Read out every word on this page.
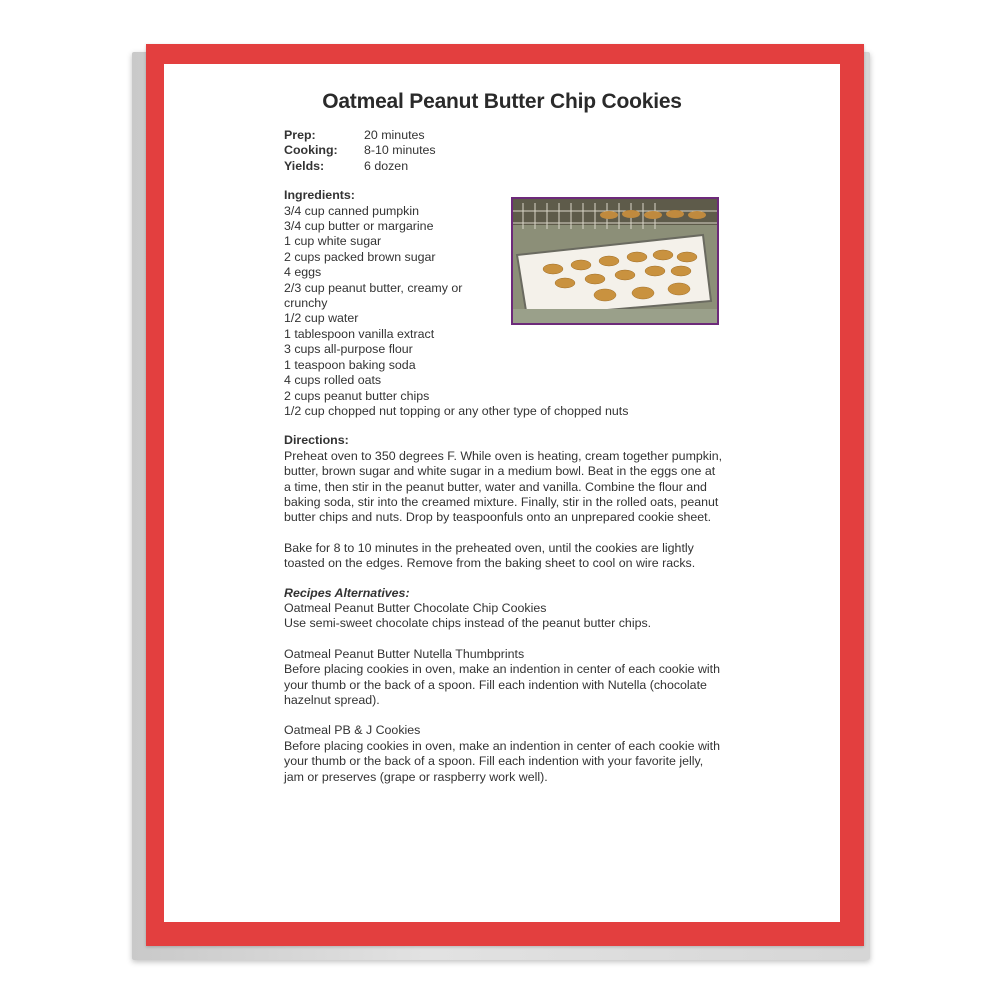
Oatmeal Peanut Butter Chip Cookies
Prep:	20 minutes
Cooking:	8-10 minutes
Yields:	6 dozen
Ingredients:
3/4 cup canned pumpkin
3/4 cup butter or margarine
1 cup white sugar
2 cups packed brown sugar
4 eggs
2/3 cup peanut butter, creamy or crunchy
1/2 cup water
1 tablespoon vanilla extract
3 cups all-purpose flour
1 teaspoon baking soda
4 cups rolled oats
2 cups peanut butter chips
1/2 cup chopped nut topping or any other type of chopped nuts
Directions:

Preheat oven to 350 degrees F. While oven is heating, cream together pumpkin, butter, brown sugar and white sugar in a medium bowl. Beat in the eggs one at a time, then stir in the peanut butter, water and vanilla. Combine the flour and baking soda, stir into the creamed mixture. Finally, stir in the rolled oats, peanut butter chips and nuts. Drop by teaspoonfuls onto an unprepared cookie sheet.

Bake for 8 to 10 minutes in the preheated oven, until the cookies are lightly toasted on the edges. Remove from the baking sheet to cool on wire racks.

Recipes Alternatives:
Oatmeal Peanut Butter Chocolate Chip Cookies
Use semi-sweet chocolate chips instead of the peanut butter chips.
Oatmeal Peanut Butter Nutella Thumbprints
Before placing cookies in oven, make an indention in center of each cookie with your thumb or the back of a spoon. Fill each indention with Nutella (chocolate hazelnut spread).
Oatmeal PB & J Cookies
Before placing cookies in oven, make an indention in center of each cookie with your thumb or the back of a spoon. Fill each indention with your favorite jelly, jam or preserves (grape or raspberry work well).
